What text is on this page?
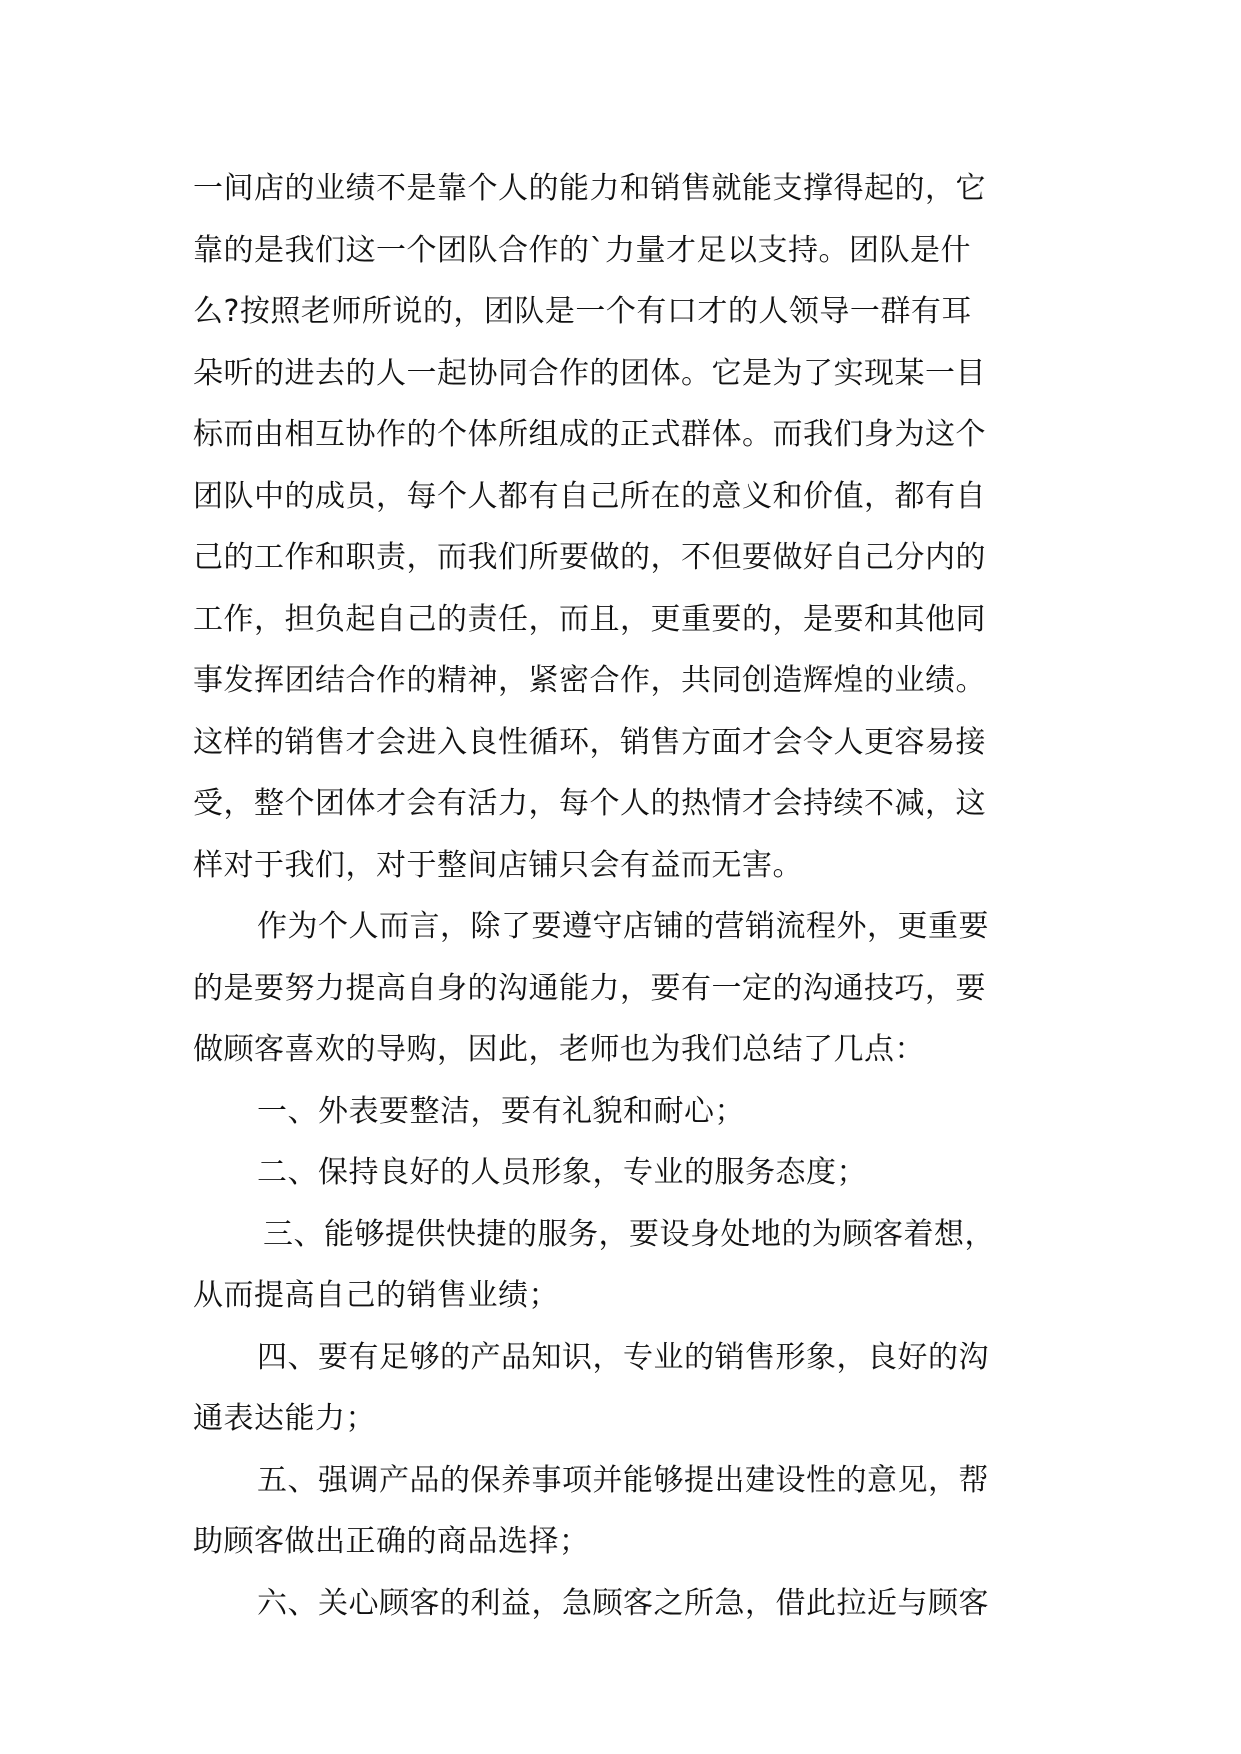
一间店的业绩不是靠个人的能力和销售就能支撑得起的，它
靠的是我们这一个团队合作的`力量才足以支持。团队是什
么?按照老师所说的，团队是一个有口才的人领导一群有耳
朵听的进去的人一起协同合作的团体。它是为了实现某一目
标而由相互协作的个体所组成的正式群体。而我们身为这个
团队中的成员，每个人都有自己所在的意义和价值，都有自
己的工作和职责，而我们所要做的，不但要做好自己分内的
工作，担负起自己的责任，而且，更重要的，是要和其他同
事发挥团结合作的精神，紧密合作，共同创造辉煌的业绩。
这样的销售才会进入良性循环，销售方面才会令人更容易接
受，整个团体才会有活力，每个人的热情才会持续不减，这
样对于我们，对于整间店铺只会有益而无害。
作为个人而言，除了要遵守店铺的营销流程外，更重要
的是要努力提高自身的沟通能力，要有一定的沟通技巧，要
做顾客喜欢的导购，因此，老师也为我们总结了几点：
一、外表要整洁，要有礼貌和耐心；
二、保持良好的人员形象，专业的服务态度；
三、能够提供快捷的服务，要设身处地的为顾客着想，
从而提高自己的销售业绩；
四、要有足够的产品知识，专业的销售形象，良好的沟
通表达能力；
五、强调产品的保养事项并能够提出建设性的意见，帮
助顾客做出正确的商品选择；
六、关心顾客的利益，急顾客之所急，借此拉近与顾客
